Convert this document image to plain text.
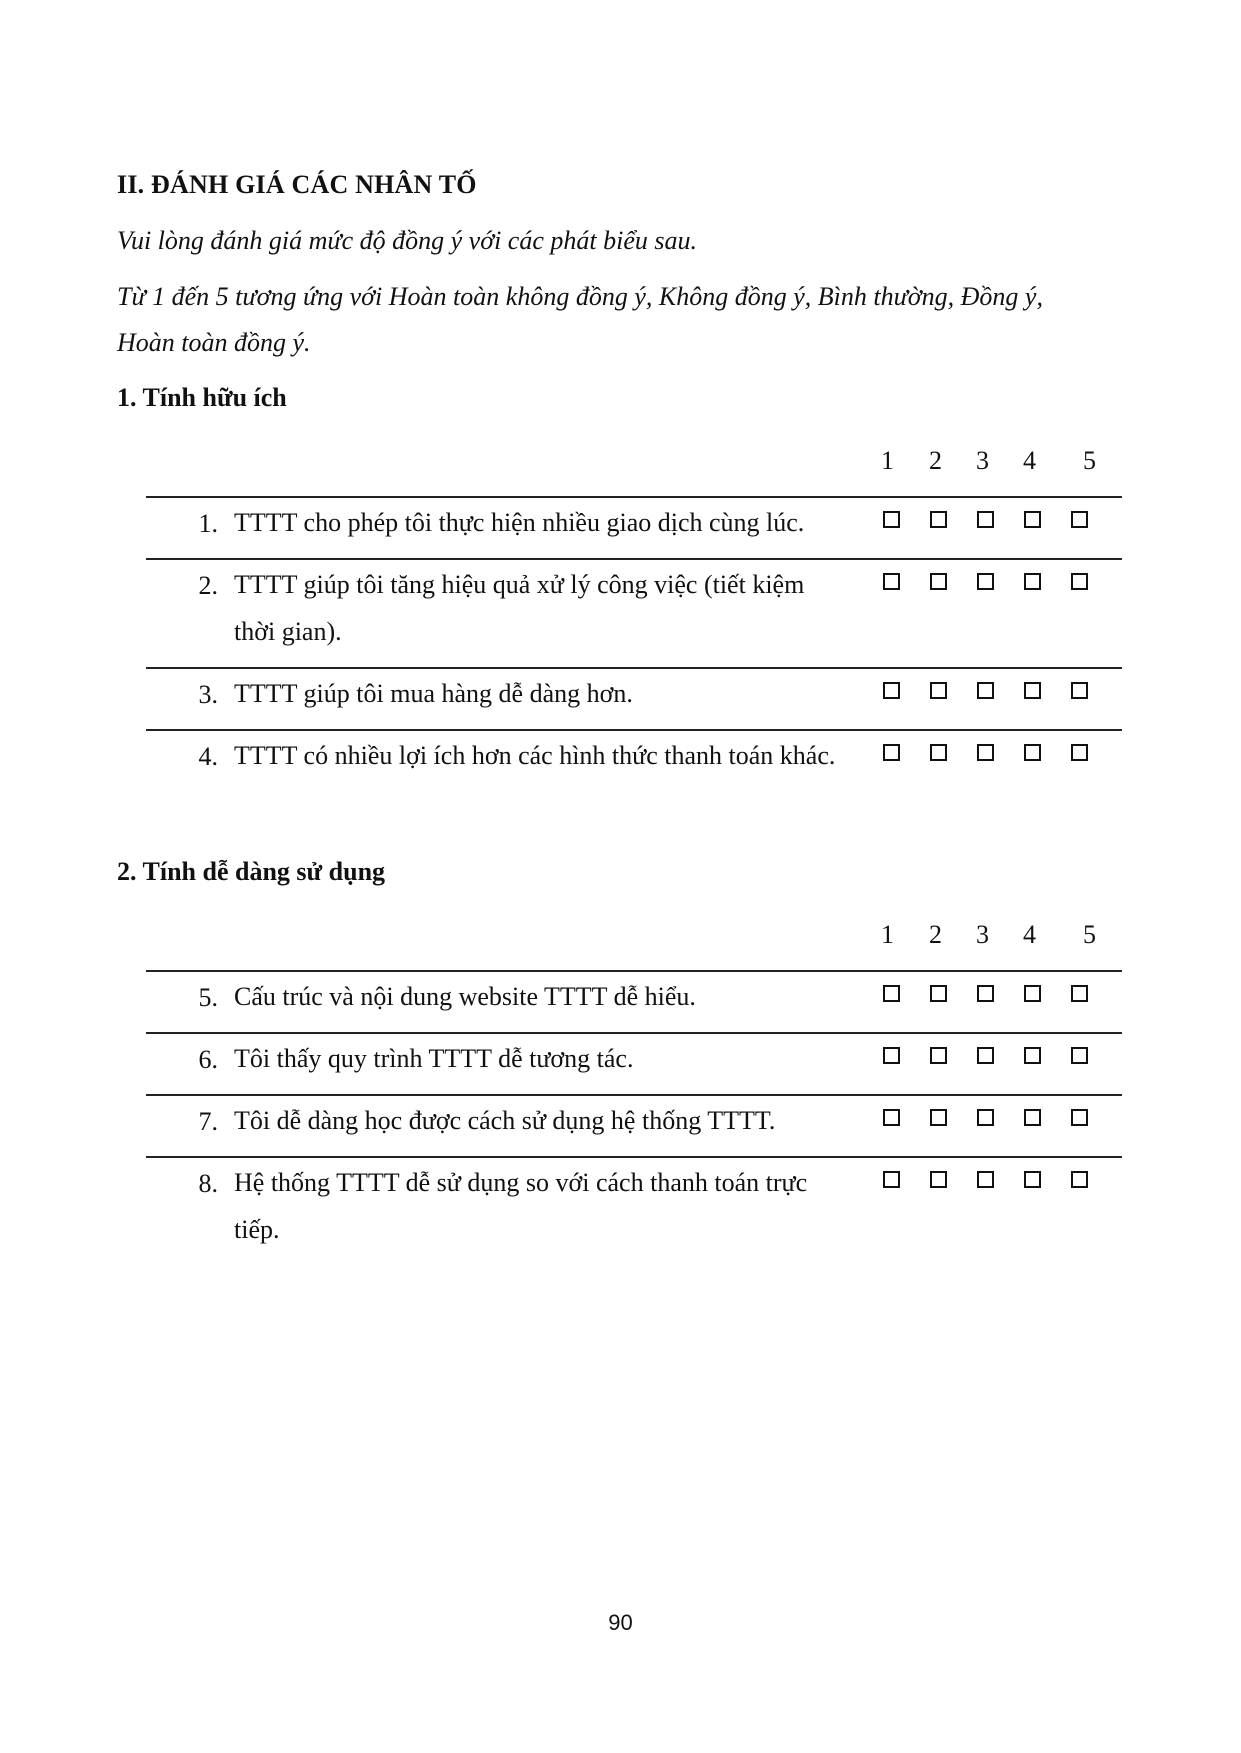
II. ĐÁNH GIÁ CÁC NHÂN TỐ
Vui lòng đánh giá mức độ đồng ý với các phát biểu sau.
Từ 1 đến 5 tương ứng với Hoàn toàn không đồng ý, Không đồng ý, Bình thường, Đồng ý,
Hoàn toàn đồng ý.
1. Tính hữu ích
1 2 3 4 5
1. TTTT cho phép tôi thực hiện nhiều giao dịch cùng lúc.
2. TTTT giúp tôi tăng hiệu quả xử lý công việc (tiết kiệm
thời gian).
3. TTTT giúp tôi mua hàng dễ dàng hơn.
4. TTTT có nhiều lợi ích hơn các hình thức thanh toán khác.
2. Tính dễ dàng sử dụng
1 2 3 4 5
5. Cấu trúc và nội dung website TTTT dễ hiểu.
6. Tôi thấy quy trình TTTT dễ tương tác.
7. Tôi dễ dàng học được cách sử dụng hệ thống TTTT.
8. Hệ thống TTTT dễ sử dụng so với cách thanh toán trực
tiếp.
90
